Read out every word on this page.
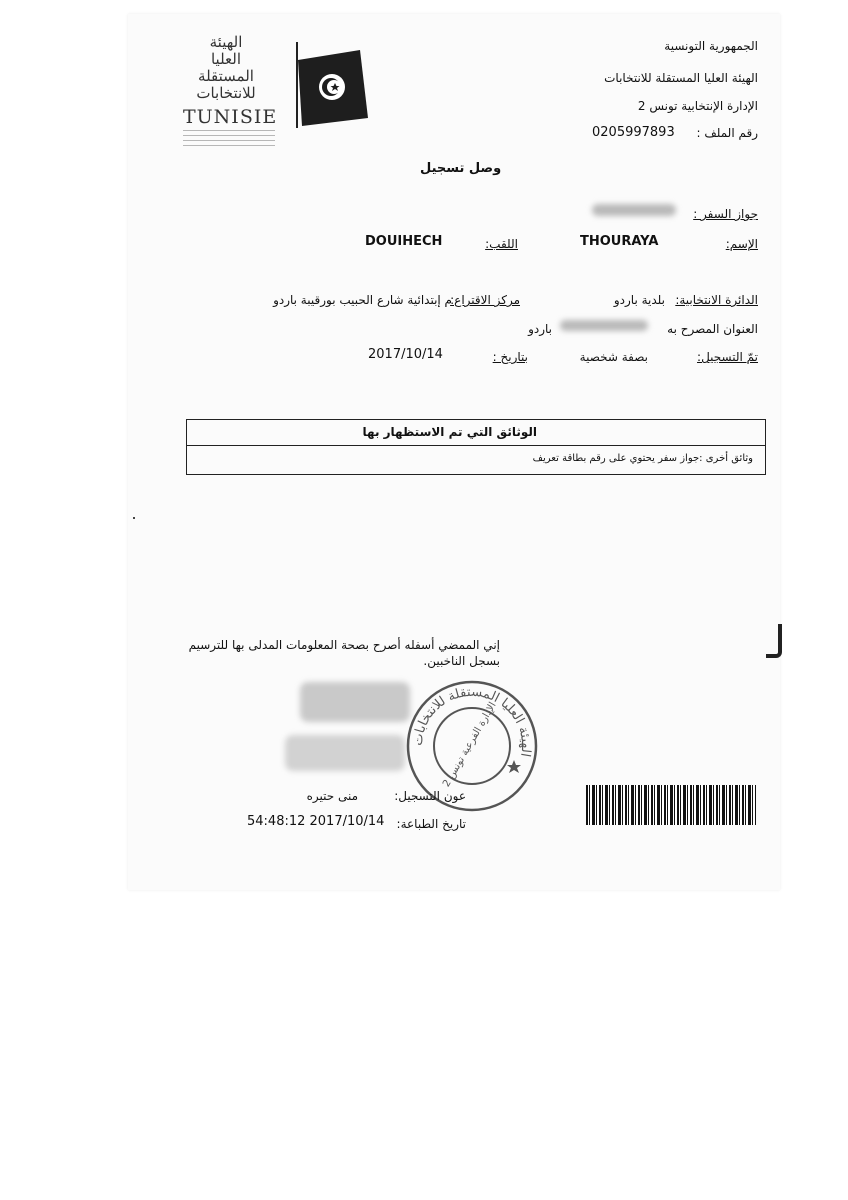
الهيئة
العليا
المستقلة
للانتخابات
TUNISIE
الجمهورية التونسية
الهيئة العليا المستقلة للانتخابات
الإدارة الإنتخابية تونس 2
رقم الملف :
0205997893
وصل تسجيل
جواز السفر :
الإسم:
THOURAYA
اللقب:
DOUIHECH
الدائرة الانتخابية:
بلدية باردو
مركز الاقتراع:
م إبتدائية شارع الحبيب بورقيبة باردو
العنوان المصرح به
باردو
تمّ التسجيل:
بصفة شخصية
بتاريخ :
2017/10/14
الوثائق التي تم الاستظهار بها
وثائق أخرى :جواز سفر يحتوي على رقم بطاقة تعريف
إني الممضي أسفله أصرح بصحة المعلومات المدلى بها للترسيم
بسجل الناخبين.
الهيئة العليا المستقلة للانتخابات
الإدارة الفرعية تونس 2
عون التسجيل:
منى حتيره
تاريخ الطباعة:
54:48:12 2017/10/14
